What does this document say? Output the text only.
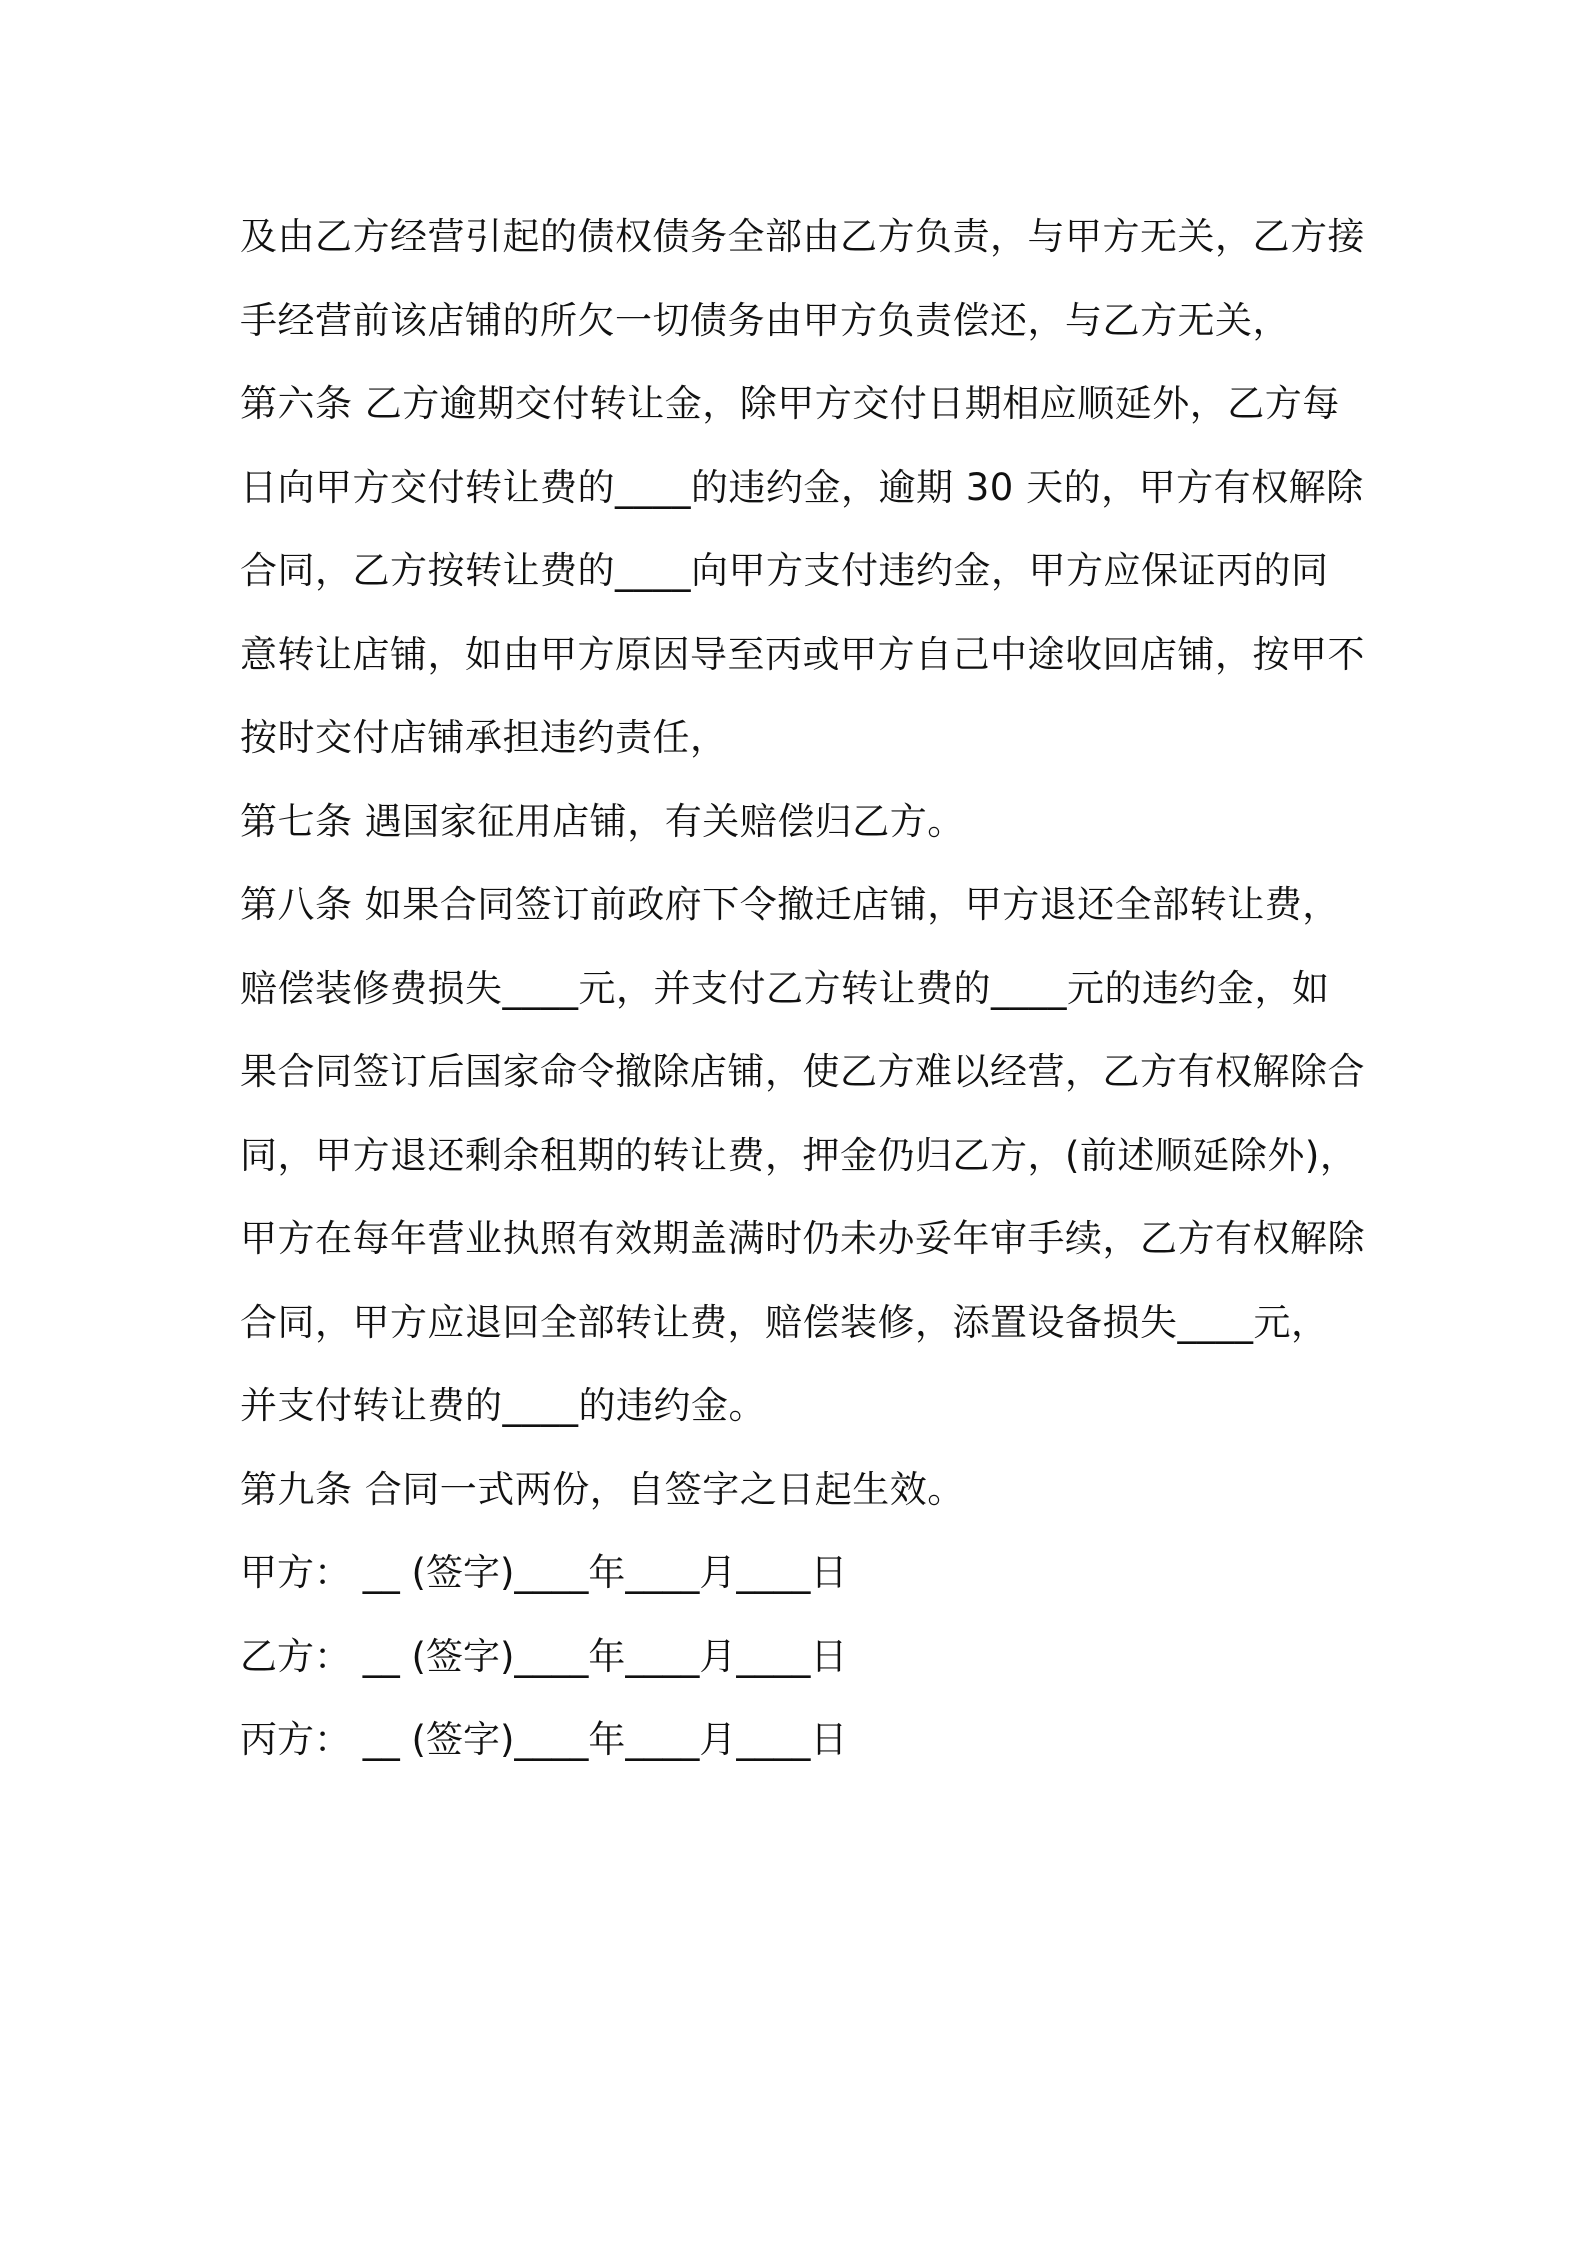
及由乙方经营引起的债权债务全部由乙方负责，与甲方无关，乙方接
手经营前该店铺的所欠一切债务由甲方负责偿还，与乙方无关，
第六条 乙方逾期交付转让金，除甲方交付日期相应顺延外，乙方每
日向甲方交付转让费的____的违约金，逾期 30 天的，甲方有权解除
合同，乙方按转让费的____向甲方支付违约金，甲方应保证丙的同
意转让店铺，如由甲方原因导至丙或甲方自己中途收回店铺，按甲不
按时交付店铺承担违约责任，
第七条 遇国家征用店铺，有关赔偿归乙方。
第八条 如果合同签订前政府下令撤迁店铺，甲方退还全部转让费，
赔偿装修费损失____元，并支付乙方转让费的____元的违约金，如
果合同签订后国家命令撤除店铺，使乙方难以经营，乙方有权解除合
同，甲方退还剩余租期的转让费，押金仍归乙方，(前述顺延除外)，
甲方在每年营业执照有效期盖满时仍未办妥年审手续，乙方有权解除
合同，甲方应退回全部转让费，赔偿装修，添置设备损失____元，
并支付转让费的____的违约金。
第九条 合同一式两份，自签字之日起生效。
甲方： __ (签字)____年____月____日
乙方： __ (签字)____年____月____日
丙方： __ (签字)____年____月____日
